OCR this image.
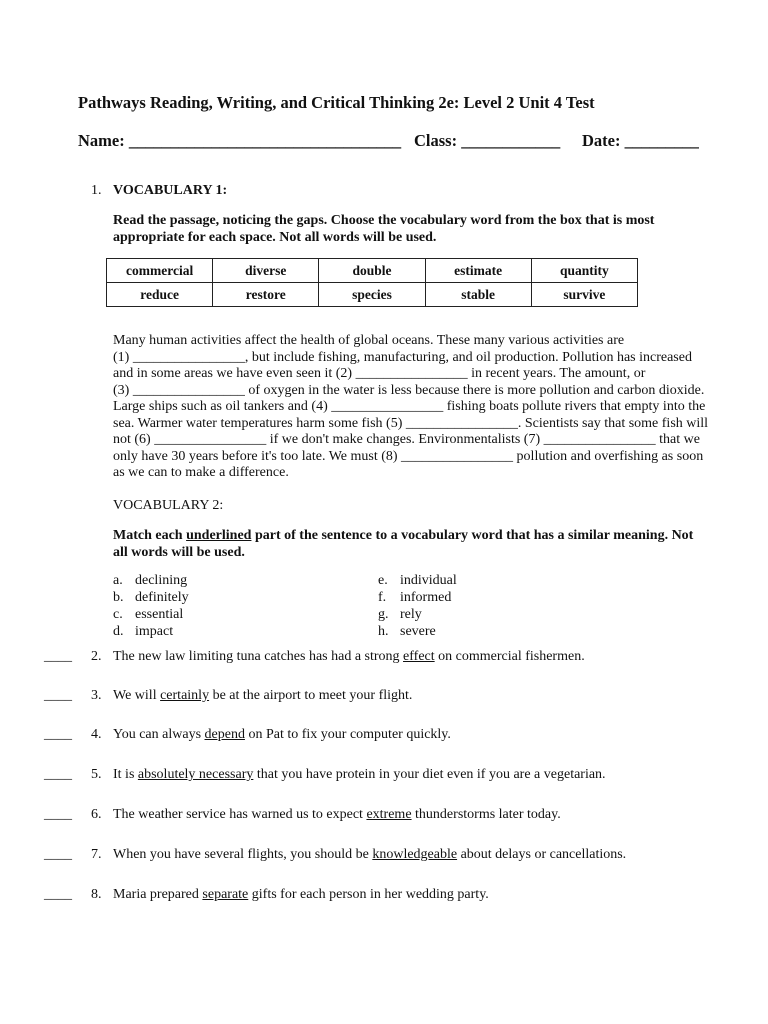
Pathways Reading, Writing, and Critical Thinking 2e: Level 2 Unit 4 Test
Name: _________________________________ Class: ____________ Date: _________
1. VOCABULARY 1:
Read the passage, noticing the gaps. Choose the vocabulary word from the box that is most
appropriate for each space. Not all words will be used.
commercial	diverse	double	estimate	quantity
reduce	restore	species	stable	survive
Many human activities affect the health of global oceans. These many various activities are
(1) ________________, but include fishing, manufacturing, and oil production. Pollution has increased
and in some areas we have even seen it (2) ________________ in recent years. The amount, or
(3) ________________ of oxygen in the water is less because there is more pollution and carbon dioxide.
Large ships such as oil tankers and (4) ________________ fishing boats pollute rivers that empty into the
sea. Warmer water temperatures harm some fish (5) ________________. Scientists say that some fish will
not (6) ________________ if we don't make changes. Environmentalists (7) ________________ that we
only have 30 years before it's too late. We must (8) ________________ pollution and overfishing as soon
as we can to make a difference.
VOCABULARY 2:
Match each underlined part of the sentence to a vocabulary word that has a similar meaning. Not
all words will be used.
a. declining
b. definitely
c. essential
d. impact
e. individual
f. informed
g. rely
h. severe
____ 2. The new law limiting tuna catches has had a strong effect on commercial fishermen.
____ 3. We will certainly be at the airport to meet your flight.
____ 4. You can always depend on Pat to fix your computer quickly.
____ 5. It is absolutely necessary that you have protein in your diet even if you are a vegetarian.
____ 6. The weather service has warned us to expect extreme thunderstorms later today.
____ 7. When you have several flights, you should be knowledgeable about delays or cancellations.
____ 8. Maria prepared separate gifts for each person in her wedding party.
